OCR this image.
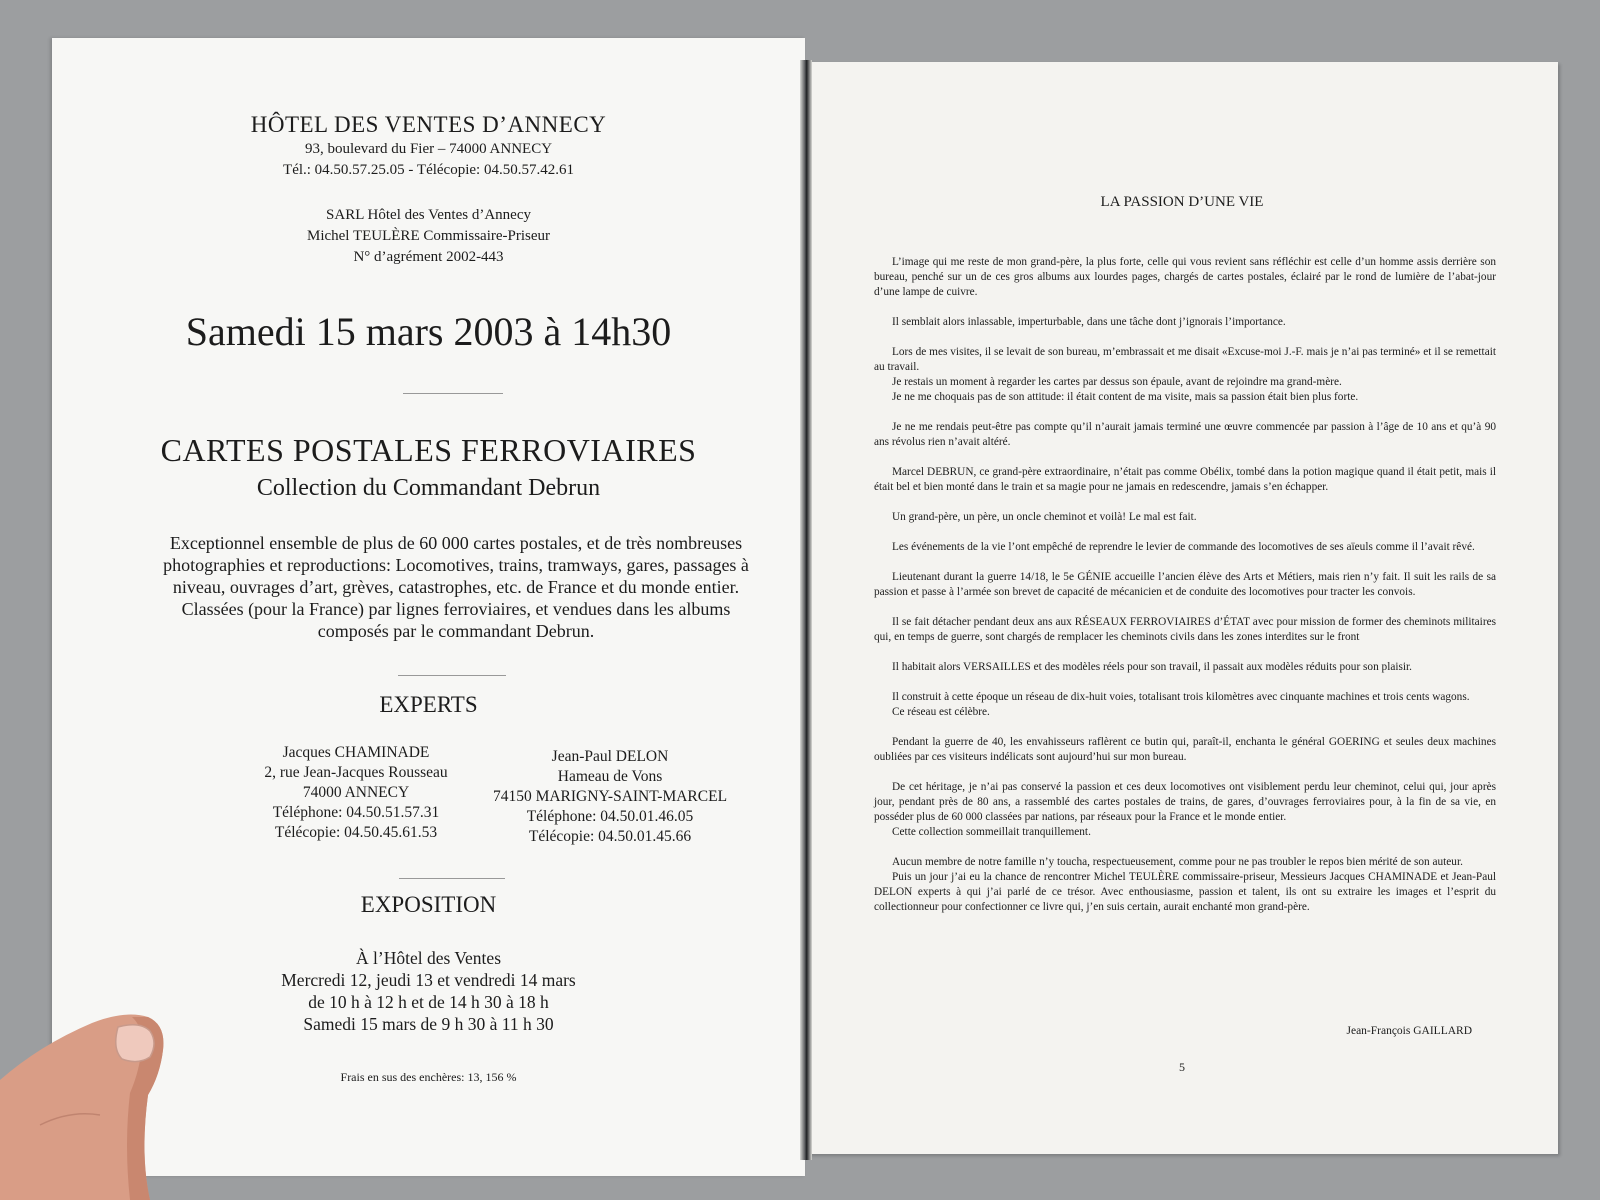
HÔTEL DES VENTES D’ANNECY
93, boulevard du Fier – 74000 ANNECY
Tél.: 04.50.57.25.05 - Télécopie: 04.50.57.42.61
SARL Hôtel des Ventes d’Annecy
Michel TEULÈRE Commissaire-Priseur
N° d’agrément 2002-443
Samedi 15 mars 2003 à 14h30
CARTES POSTALES FERROVIAIRES
Collection du Commandant Debrun
Exceptionnel ensemble de plus de 60 000 cartes postales, et de très nombreuses photographies et reproductions: Locomotives, trains, tramways, gares, passages à niveau, ouvrages d’art, grèves, catastrophes, etc. de France et du monde entier. Classées (pour la France) par lignes ferroviaires, et vendues dans les albums composés par le commandant Debrun.
EXPERTS
Jacques CHAMINADE
2, rue Jean-Jacques Rousseau
74000 ANNECY
Téléphone: 04.50.51.57.31
Télécopie: 04.50.45.61.53
Jean-Paul DELON
Hameau de Vons
74150 MARIGNY-SAINT-MARCEL
Téléphone: 04.50.01.46.05
Télécopie: 04.50.01.45.66
EXPOSITION
À l’Hôtel des Ventes
Mercredi 12, jeudi 13 et vendredi 14 mars
de 10 h à 12 h et de 14 h 30 à 18 h
Samedi 15 mars de 9 h 30 à 11 h 30
Frais en sus des enchères: 13, 156 %
LA PASSION D’UNE VIE

L’image qui me reste de mon grand-père, la plus forte, celle qui vous revient sans réfléchir est celle d’un homme assis derrière son bureau, penché sur un de ces gros albums aux lourdes pages, chargés de cartes postales, éclairé par le rond de lumière de l’abat-jour d’une lampe de cuivre.

Il semblait alors inlassable, imperturbable, dans une tâche dont j’ignorais l’importance.

Lors de mes visites, il se levait de son bureau, m’embrassait et me disait «Excuse-moi J.-F. mais je n’ai pas terminé» et il se remettait au travail.

Je restais un moment à regarder les cartes par dessus son épaule, avant de rejoindre ma grand-mère.

Je ne me choquais pas de son attitude: il était content de ma visite, mais sa passion était bien plus forte.

Je ne me rendais peut-être pas compte qu’il n’aurait jamais terminé une œuvre commencée par passion à l’âge de 10 ans et qu’à 90 ans révolus rien n’avait altéré.

Marcel DEBRUN, ce grand-père extraordinaire, n’était pas comme Obélix, tombé dans la potion magique quand il était petit, mais il était bel et bien monté dans le train et sa magie pour ne jamais en redescendre, jamais s’en échapper.

Un grand-père, un père, un oncle cheminot et voilà! Le mal est fait.

Les événements de la vie l’ont empêché de reprendre le levier de commande des locomotives de ses aïeuls comme il l’avait rêvé.

Lieutenant durant la guerre 14/18, le 5e GÉNIE accueille l’ancien élève des Arts et Métiers, mais rien n’y fait. Il suit les rails de sa passion et passe à l’armée son brevet de capacité de mécanicien et de conduite des locomotives pour tracter les convois.

Il se fait détacher pendant deux ans aux RÉSEAUX FERROVIAIRES d’ÉTAT avec pour mission de former des cheminots militaires qui, en temps de guerre, sont chargés de remplacer les cheminots civils dans les zones interdites sur le front

Il habitait alors VERSAILLES et des modèles réels pour son travail, il passait aux modèles réduits pour son plaisir.

Il construit à cette époque un réseau de dix-huit voies, totalisant trois kilomètres avec cinquante machines et trois cents wagons.

Ce réseau est célèbre.

Pendant la guerre de 40, les envahisseurs raflèrent ce butin qui, paraît-il, enchanta le général GOERING et seules deux machines oubliées par ces visiteurs indélicats sont aujourd’hui sur mon bureau.

De cet héritage, je n’ai pas conservé la passion et ces deux locomotives ont visiblement perdu leur cheminot, celui qui, jour après jour, pendant près de 80 ans, a rassemblé des cartes postales de trains, de gares, d’ouvrages ferroviaires pour, à la fin de sa vie, en posséder plus de 60 000 classées par nations, par réseaux pour la France et le monde entier.

Cette collection sommeillait tranquillement.

Aucun membre de notre famille n’y toucha, respectueusement, comme pour ne pas troubler le repos bien mérité de son auteur.

Puis un jour j’ai eu la chance de rencontrer Michel TEULÈRE commissaire-priseur, Messieurs Jacques CHAMINADE et Jean-Paul DELON experts à qui j’ai parlé de ce trésor. Avec enthousiasme, passion et talent, ils ont su extraire les images et l’esprit du collectionneur pour confectionner ce livre qui, j’en suis certain, aurait enchanté mon grand-père.

Jean-François GAILLARD
5
